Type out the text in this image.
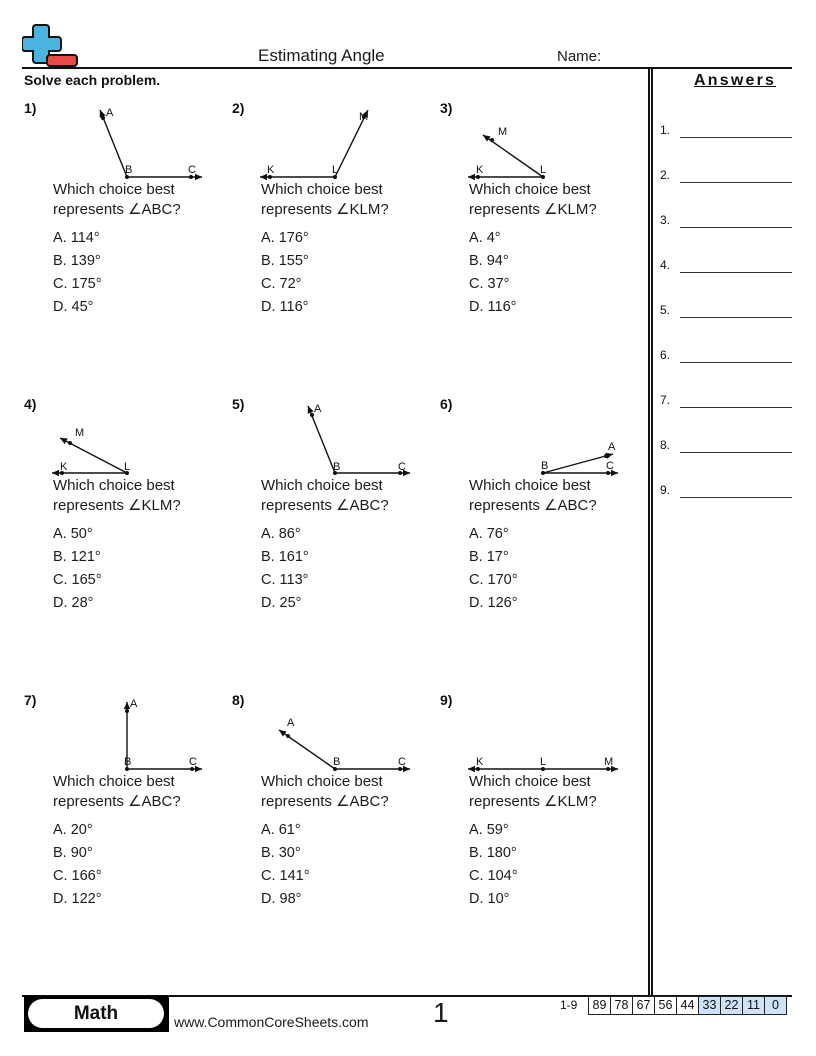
Estimating Angle	Name:
Solve each problem.	Answers
1.
2.
3.
4.
5.
6.
7.
8.
9.
A
B	C
1)
Which choice best
represents ∠ABC?
A. 114°
B. 139°
C. 175°
D. 45°
K	L
M
2)
Which choice best
represents ∠KLM?
A. 176°
B. 155°
C. 72°
D. 116°
K	L
M
3)
Which choice best
represents ∠KLM?
A. 4°
B. 94°
C. 37°
D. 116°
K	L
M
4)
Which choice best
represents ∠KLM?
A. 50°
B. 121°
C. 165°
D. 28°
A
B	C
5)
Which choice best
represents ∠ABC?
A. 86°
B. 161°
C. 113°
D. 25°
A
B	C
6)
Which choice best
represents ∠ABC?
A. 76°
B. 17°
C. 170°
D. 126°
A
B	C
7)
Which choice best
represents ∠ABC?
A. 20°
B. 90°
C. 166°
D. 122°
A
B	C
8)
Which choice best
represents ∠ABC?
A. 61°
B. 30°
C. 141°
D. 98°
K	L	M
9)
Which choice best
represents ∠KLM?
A. 59°
B. 180°
C. 104°
D. 10°
Math	www.CommonCoreSheets.com 1	1-9 89	78	67	56	44	33	22	11	0
